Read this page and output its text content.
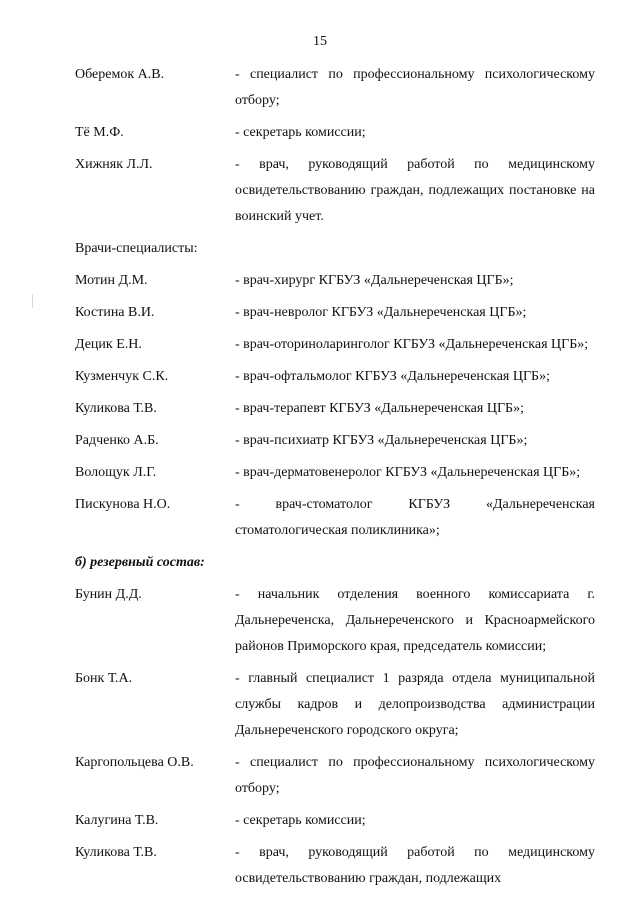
15
Оберемок А.В.	- специалист по профессиональному психологическому отбору;
Тё М.Ф.	- секретарь комиссии;
Хижняк Л.Л.	- врач, руководящий работой по медицинскому освидетельствованию граждан, подлежащих постановке на воинский учет.
Врачи-специалисты:
Мотин Д.М.	- врач-хирург КГБУЗ «Дальнереченская ЦГБ»;
Костина В.И.	- врач-невролог КГБУЗ «Дальнереченская ЦГБ»;
Децик Е.Н.	- врач-оториноларинголог КГБУЗ «Дальнереченская ЦГБ»;
Кузменчук С.К.	- врач-офтальмолог КГБУЗ «Дальнереченская ЦГБ»;
Куликова Т.В.	- врач-терапевт КГБУЗ «Дальнереченская ЦГБ»;
Радченко А.Б.	- врач-психиатр КГБУЗ «Дальнереченская ЦГБ»;
Волощук Л.Г.	- врач-дерматовенеролог КГБУЗ «Дальнереченская ЦГБ»;
Пискунова Н.О.	- врач-стоматолог КГБУЗ «Дальнереченская стоматологическая поликлиника»;
б) резервный состав:
Бунин Д.Д.	- начальник отделения военного комиссариата г. Дальнереченска, Дальнереченского и Красноармейского районов Приморского края, председатель комиссии;
Бонк Т.А.	- главный специалист 1 разряда отдела муниципальной службы кадров и делопроизводства администрации Дальнереченского городского округа;
Каргопольцева О.В.	- специалист по профессиональному психологическому отбору;
Калугина Т.В.	- секретарь комиссии;
Куликова Т.В.	- врач, руководящий работой по медицинскому освидетельствованию граждан, подлежащих
